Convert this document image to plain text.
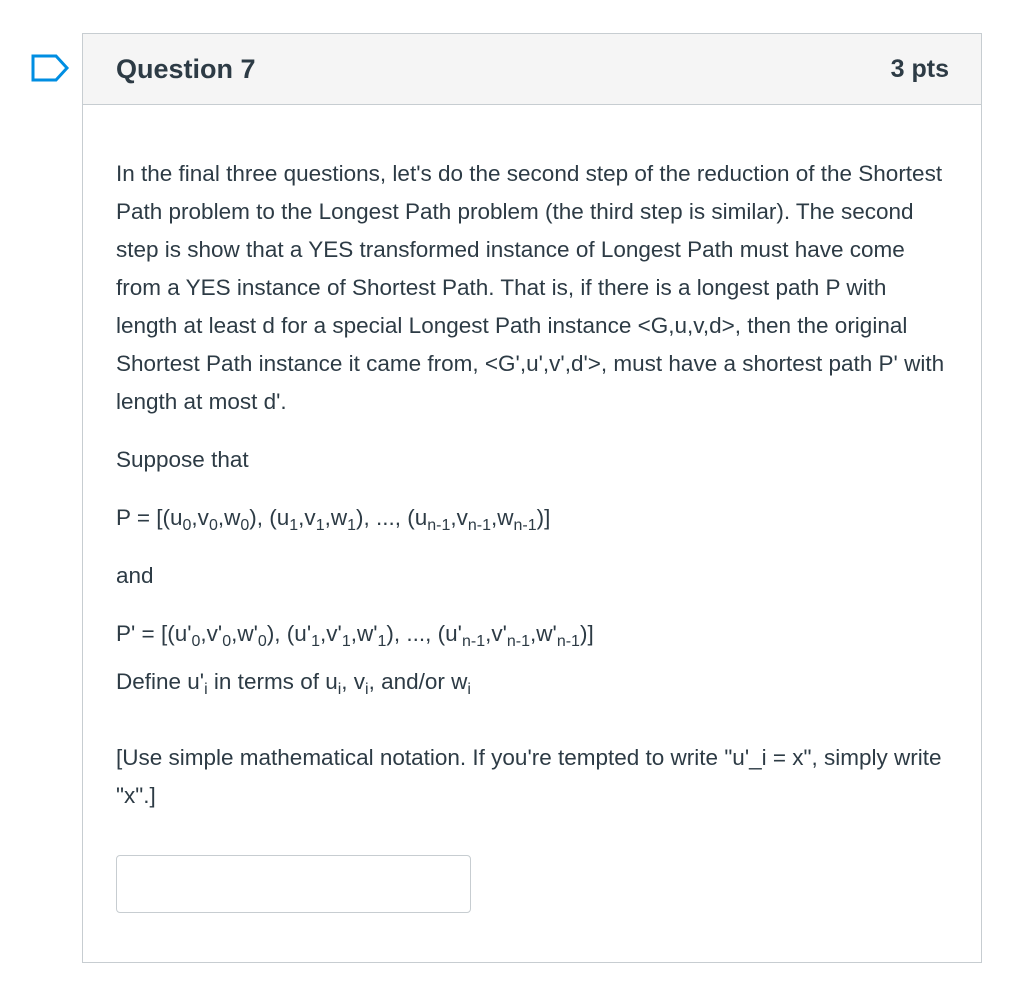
Question 7	3 pts

In the final three questions, let's do the second step of the reduction of the Shortest Path problem to the Longest Path problem (the third step is similar). The second step is show that a YES transformed instance of Longest Path must have come from a YES instance of Shortest Path. That is, if there is a longest path P with length at least d for a special Longest Path instance <G,u,v,d>, then the original Shortest Path instance it came from, <G',u',v',d'>, must have a shortest path P' with length at most d'.

Suppose that

$P = [(u_0,v_0,w_0)$, $(u_1,v_1,w_1)$, ..., $(u_{n-1},v_{n-1},w_{n-1})$]

and

$P' = [(u'_0,v'_0,w'_0)$, $(u'_1,v'_1,w'_1)$, ..., $(u'_{n-1},v'_{n-1},w'_{n-1})$]

Define $u'_i$ in terms of $u_i$, $v_i$, and/or $w_i$

[Use simple mathematical notation. If you're tempted to write "u'_i = x", simply write "x".]
